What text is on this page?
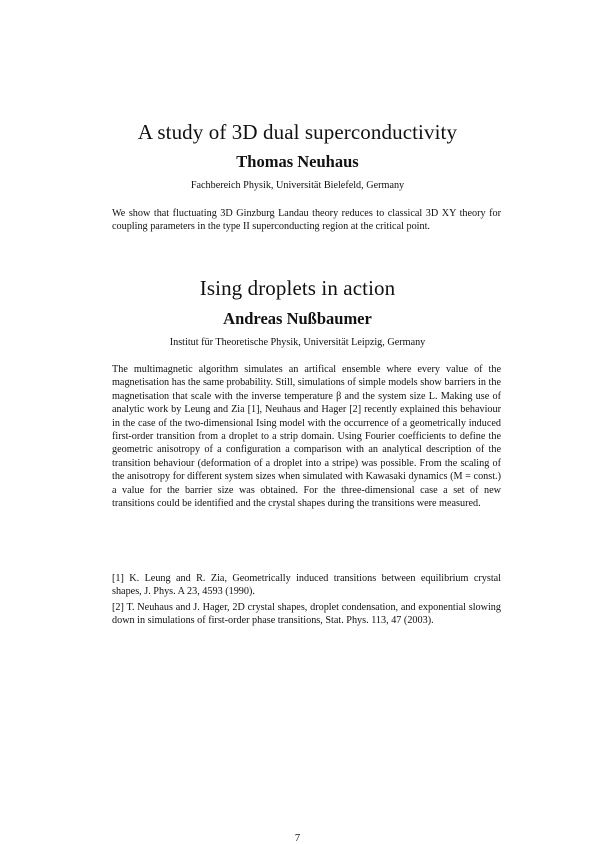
A study of 3D dual superconductivity
Thomas Neuhaus
Fachbereich Physik, Universität Bielefeld, Germany

We show that fluctuating 3D Ginzburg Landau theory reduces to classical 3D XY theory for coupling parameters in the type II superconducting region at the critical point.

Ising droplets in action
Andreas Nußbaumer
Institut für Theoretische Physik, Universität Leipzig, Germany

The multimagnetic algorithm simulates an artifical ensemble where every value of the magnetisation has the same probability. Still, simulations of simple models show barriers in the magnetisation that scale with the inverse temperature β and the system size L. Making use of analytic work by Leung and Zia [1], Neuhaus and Hager [2] recently explained this behaviour in the case of the two-dimensional Ising model with the occurrence of a geometrically induced first-order transition from a droplet to a strip domain. Using Fourier coefficients to define the geometric anisotropy of a configuration a comparison with an analytical description of the transition behaviour (deformation of a droplet into a stripe) was possible. From the scaling of the anisotropy for different system sizes when simulated with Kawasaki dynamics (M = const.) a value for the barrier size was obtained. For the three-dimensional case a set of new transitions could be identified and the crystal shapes during the transitions were measured.

[1] K. Leung and R. Zia, Geometrically induced transitions between equilibrium crystal shapes, J. Phys. A 23, 4593 (1990).

[2] T. Neuhaus and J. Hager, 2D crystal shapes, droplet condensation, and exponential slowing down in simulations of first-order phase transitions, Stat. Phys. 113, 47 (2003).

7
